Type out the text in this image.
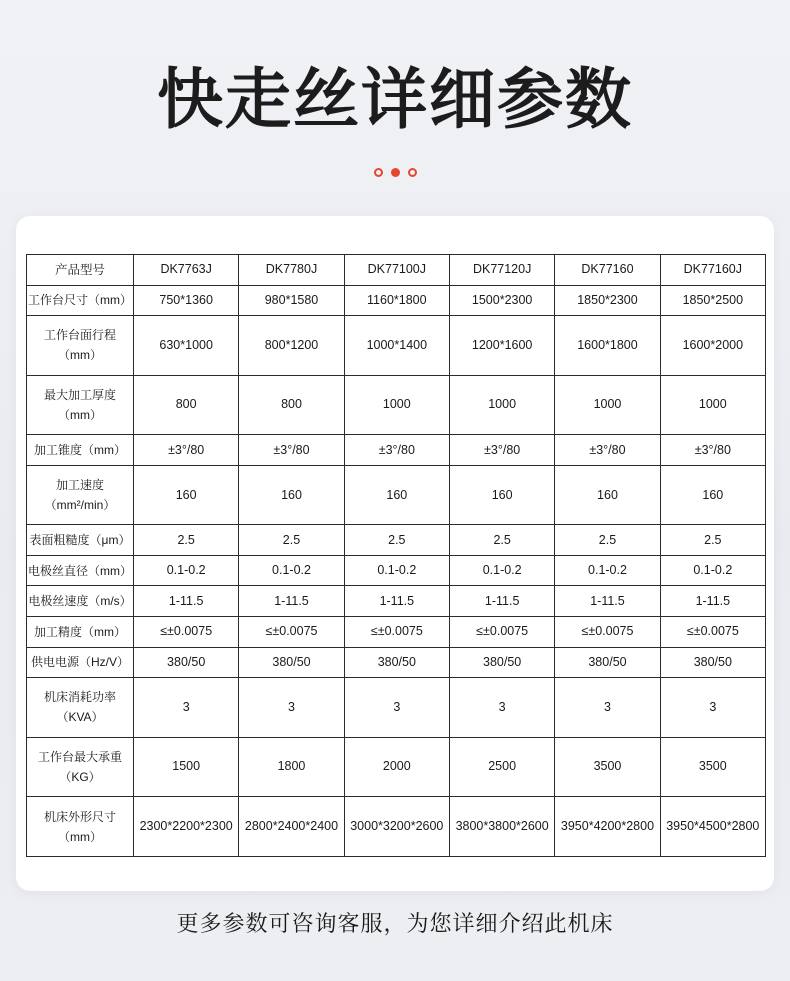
快走丝详细参数
产品型号	DK7763J	DK7780J	DK77100J	DK77120J	DK77160	DK77160J
工作台尺寸（mm）	750*1360	980*1580	1160*1800	1500*2300	1850*2300	1850*2500
工作台面行程（mm）	630*1000	800*1200	1000*1400	1200*1600	1600*1800	1600*2000
最大加工厚度（mm）	800	800	1000	1000	1000	1000
加工锥度（mm）	±3°/80	±3°/80	±3°/80	±3°/80	±3°/80	±3°/80
加工速度（mm²/min）	160	160	160	160	160	160
表面粗糙度（μm）	2.5	2.5	2.5	2.5	2.5	2.5
电极丝直径（mm）	0.1-0.2	0.1-0.2	0.1-0.2	0.1-0.2	0.1-0.2	0.1-0.2
电极丝速度（m/s）	1-11.5	1-11.5	1-11.5	1-11.5	1-11.5	1-11.5
加工精度（mm）	≤±0.0075	≤±0.0075	≤±0.0075	≤±0.0075	≤±0.0075	≤±0.0075
供电电源（Hz/V）	380/50	380/50	380/50	380/50	380/50	380/50
机床消耗功率（KVA）	3	3	3	3	3	3
工作台最大承重（KG）	1500	1800	2000	2500	3500	3500
机床外形尺寸（mm）	2300*2200*2300	2800*2400*2400	3000*3200*2600	3800*3800*2600	3950*4200*2800	3950*4500*2800
更多参数可咨询客服，为您详细介绍此机床
